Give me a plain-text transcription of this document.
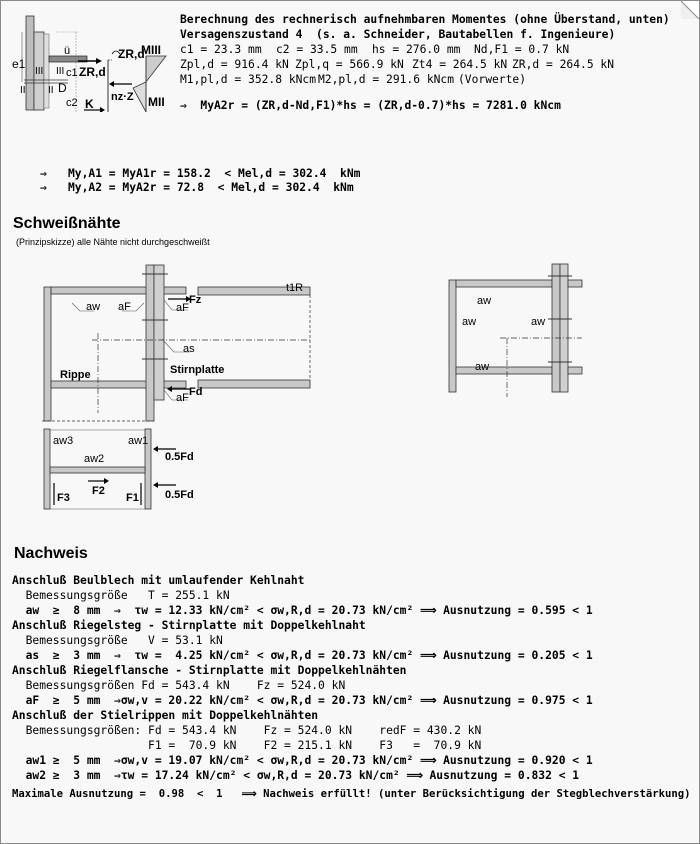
e1
ü
c1
c2
D
III III
II II
ZR,d
K
ZR,d
nz·Z
MIII
MII
Berechnung des rechnerisch aufnehmbaren Momentes (ohne Überstand, unten)
Versagenszustand 4  (s. a. Schneider, Bautabellen f. Ingenieure)
c1 = 23.3 mm c2 = 33.5 mm hs = 276.0 mm Nd,F1 = 0.7 kN
Zpl,d = 916.4 kN Zpl,q = 566.9 kN Zt4 = 264.5 kN ZR,d = 264.5 kN
M1,pl,d = 352.8 kNcm M2,pl,d = 291.6 kNcm (Vorwerte)
⇒  MyA2r = (ZR,d-Nd,F1)*hs = (ZR,d-0.7)*hs = 7281.0 kNcm
⇒ My,A1 = MyA1r = 158.2  < Mel,d = 302.4  kNm
⇒ My,A2 = MyA2r = 72.8  < Mel,d = 302.4  kNm
Schweißnähte
(Prinzipskizze) alle Nähte nicht durchgeschweißt
Fz
Fd
aw aF	aF
as
aF
t1R
Rippe	Stirnplatte
aw
aw	aw
aw
aw3	aw1
aw2
F2
F3	F1
0.5Fd
0.5Fd
Nachweis
Anschluß Beulblech mit umlaufender Kehlnaht
Bemessungsgröße   T = 255.1 kN
aw  ≥  8 mm  ⇒  τw = 12.33 kN/cm² < σw,R,d = 20.73 kN/cm² ⟹ Ausnutzung = 0.595 < 1
Anschluß Riegelsteg - Stirnplatte mit Doppelkehlnaht
Bemessungsgröße   V = 53.1 kN
as  ≥  3 mm  ⇒  τw =  4.25 kN/cm² < σw,R,d = 20.73 kN/cm² ⟹ Ausnutzung = 0.205 < 1
Anschluß Riegelflansche - Stirnplatte mit Doppelkehlnähten
Bemessungsgrößen Fd = 543.4 kN    Fz = 524.0 kN
aF  ≥  5 mm  ⇒σw,v = 20.22 kN/cm² < σw,R,d = 20.73 kN/cm² ⟹ Ausnutzung = 0.975 < 1
Anschluß der Stielrippen mit Doppelkehlnähten
Bemessungsgrößen: Fd = 543.4 kN    Fz = 524.0 kN    redF = 430.2 kN
F1 =  70.9 kN    F2 = 215.1 kN    F3   =  70.9 kN
aw1 ≥  5 mm  ⇒σw,v = 19.07 kN/cm² < σw,R,d = 20.73 kN/cm² ⟹ Ausnutzung = 0.920 < 1
aw2 ≥  3 mm  ⇒τw = 17.24 kN/cm² < σw,R,d = 20.73 kN/cm² ⟹ Ausnutzung = 0.832 < 1
Maximale Ausnutzung =  0.98  <  1   ⟹ Nachweis erfüllt! (unter Berücksichtigung der Stegblechverstärkung)
